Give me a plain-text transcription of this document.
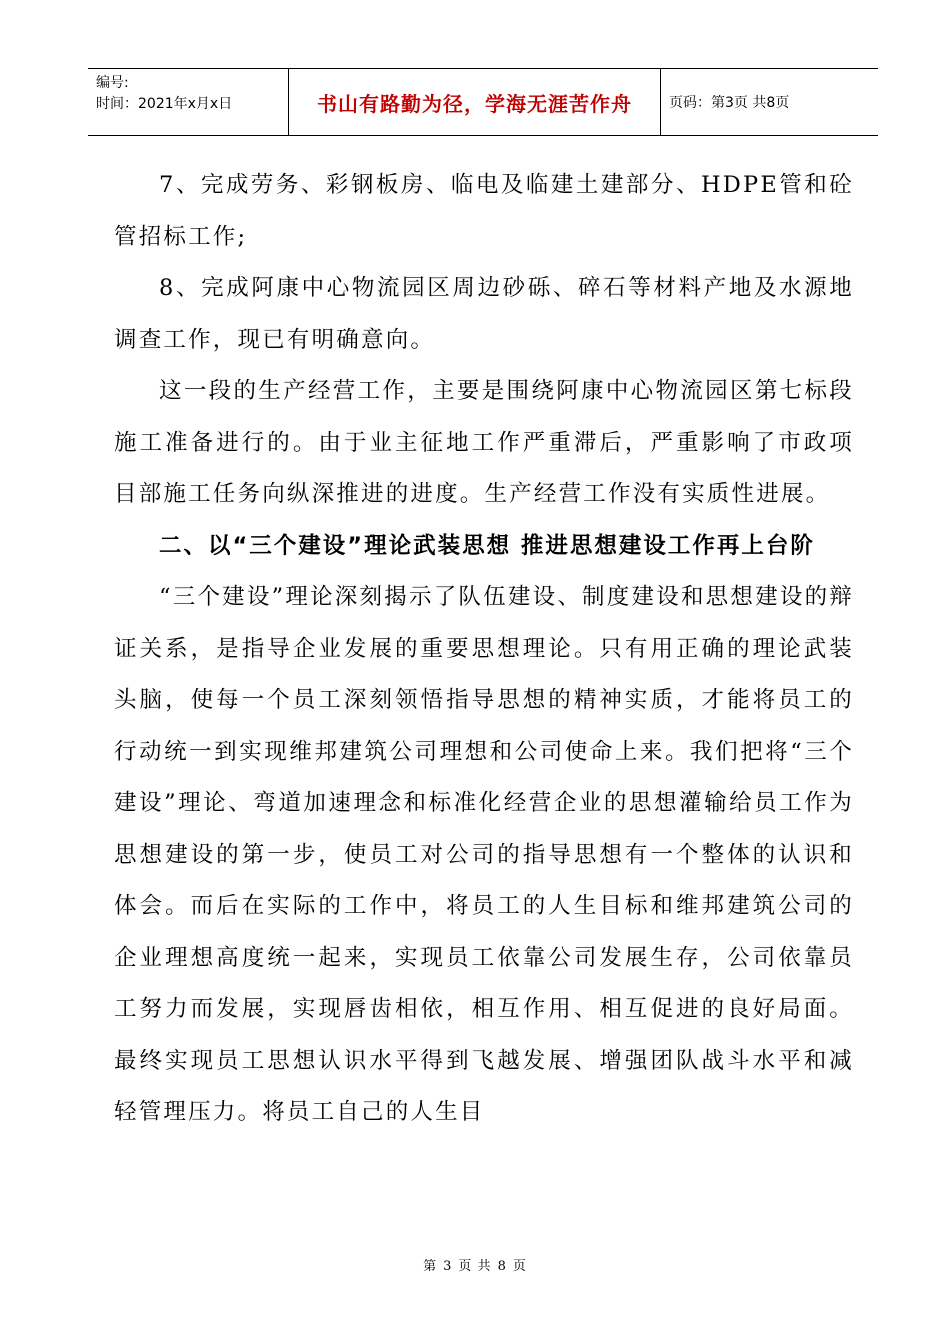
编号:
时间：2021年x月x日	书山有路勤为径，学海无涯苦作舟	页码：第3页 共8页

7、完成劳务、彩钢板房、临电及临建土建部分、HDPE管和砼管招标工作;

8、完成阿康中心物流园区周边砂砾、碎石等材料产地及水源地调查工作，现已有明确意向。

这一段的生产经营工作，主要是围绕阿康中心物流园区第七标段施工准备进行的。由于业主征地工作严重滞后，严重影响了市政项目部施工任务向纵深推进的进度。生产经营工作没有实质性进展。

二、以“三个建设”理论武装思想 推进思想建设工作再上台阶

“三个建设”理论深刻揭示了队伍建设、制度建设和思想建设的辩证关系，是指导企业发展的重要思想理论。只有用正确的理论武装头脑，使每一个员工深刻领悟指导思想的精神实质，才能将员工的行动统一到实现维邦建筑公司理想和公司使命上来。我们把将“三个建设”理论、弯道加速理念和标准化经营企业的思想灌输给员工作为思想建设的第一步，使员工对公司的指导思想有一个整体的认识和体会。而后在实际的工作中，将员工的人生目标和维邦建筑公司的企业理想高度统一起来，实现员工依靠公司发展生存，公司依靠员工努力而发展，实现唇齿相依，相互作用、相互促进的良好局面。最终实现员工思想认识水平得到飞越发展、增强团队战斗水平和减轻管理压力。将员工自己的人生目

第 3 页 共 8 页
